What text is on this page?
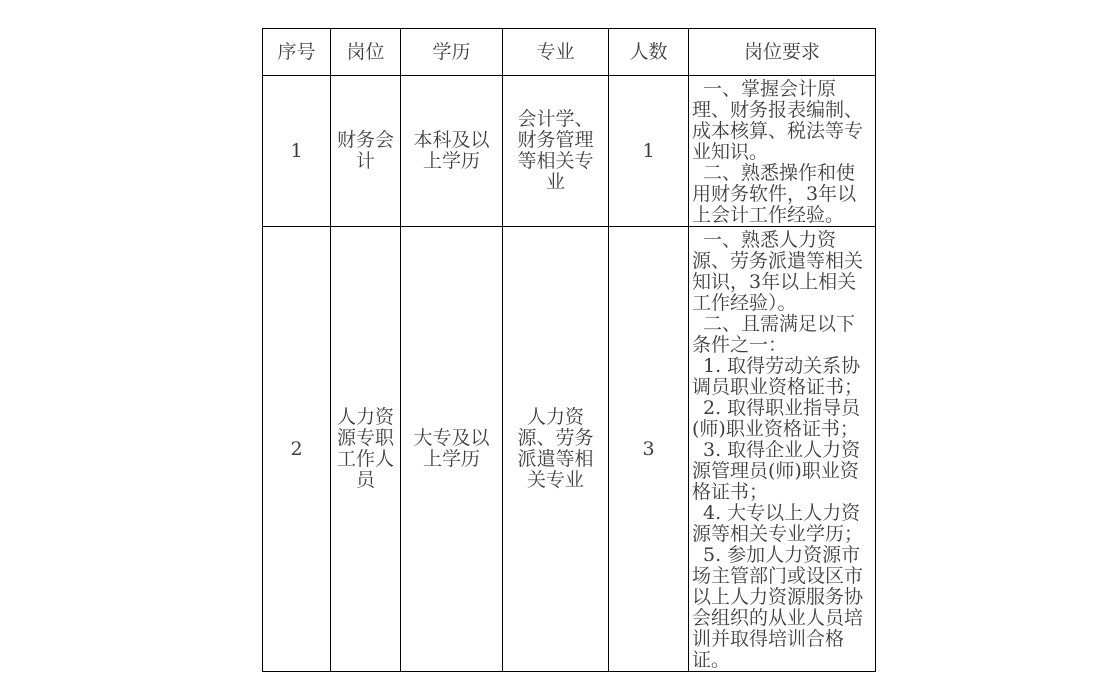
序号	岗位	学历	专业	人数	岗位要求
1	财务会计	本科及以上学历	会计学、财务管理等相关专业	1	一、掌握会计原理、财务报表编制、成本核算、税法等专业知识。

二、熟悉操作和使用财务软件，3年以上会计工作经验。

2	人力资源专职工作人员	大专及以上学历	人力资源、劳务派遣等相关专业	3	

一、熟悉人力资源、劳务派遣等相关知识，3年以上相关工作经验）。

二、且需满足以下条件之一：

1. 取得劳动关系协调员职业资格证书；

2. 取得职业指导员(师)职业资格证书；

3. 取得企业人力资源管理员(师)职业资格证书；

4. 大专以上人力资源等相关专业学历；

5. 参加人力资源市场主管部门或设区市以上人力资源服务协会组织的从业人员培训并取得培训合格证。
